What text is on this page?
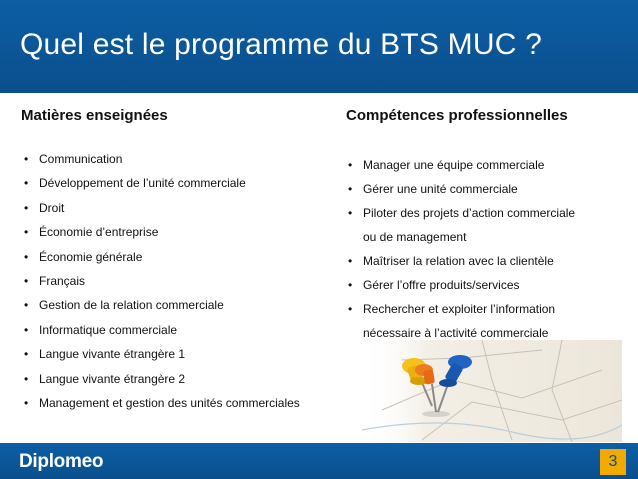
Quel est le programme du BTS MUC ?
Matières enseignées	Compétences professionnelles
• Communication
• Développement de l’unité commerciale
• Droit
• Économie d’entreprise
• Économie générale
• Français
• Gestion de la relation commerciale
• Informatique commerciale
• Langue vivante étrangère 1
• Langue vivante étrangère 2
• Management et gestion des unités commerciales
• Manager une équipe commerciale
• Gérer une unité commerciale
• Piloter des projets d’action commerciale
ou de management
• Maîtriser la relation avec la clientèle
• Gérer l’offre produits/services
• Rechercher et exploiter l’information
nécessaire à l’activité commerciale
Diplomeo	3
